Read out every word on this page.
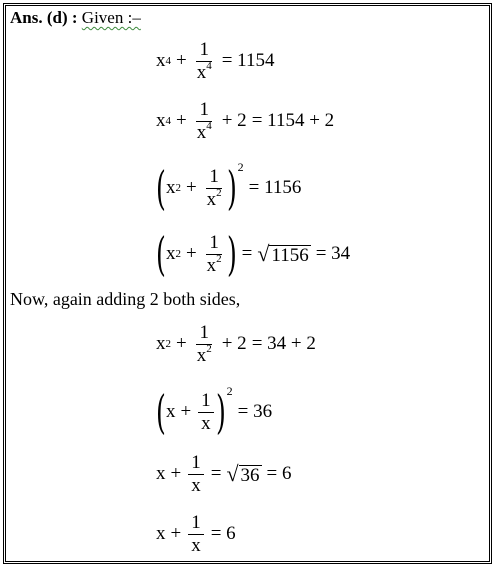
Ans. (d) : Given :–
x $4 + \frac{1}{x^4} = 1154$
x $4 + \frac{1}{x^4} + 2 = 1154 + 2$
( x $2 + \frac{1}{x^2}$ ) 2
= 1156
( x $2 + \frac{1}{x^2}$ ) = √ 1156 = 34
Now, again adding 2 both sides,
x $2 + \frac{1}{x^2} + 2 = 34 + 2$
( $x + \frac{1}{x}$ ) 2
= 36
$x + \frac{1}{x}$ = √ 36 = 6
$x + \frac{1}{x} = 6$
